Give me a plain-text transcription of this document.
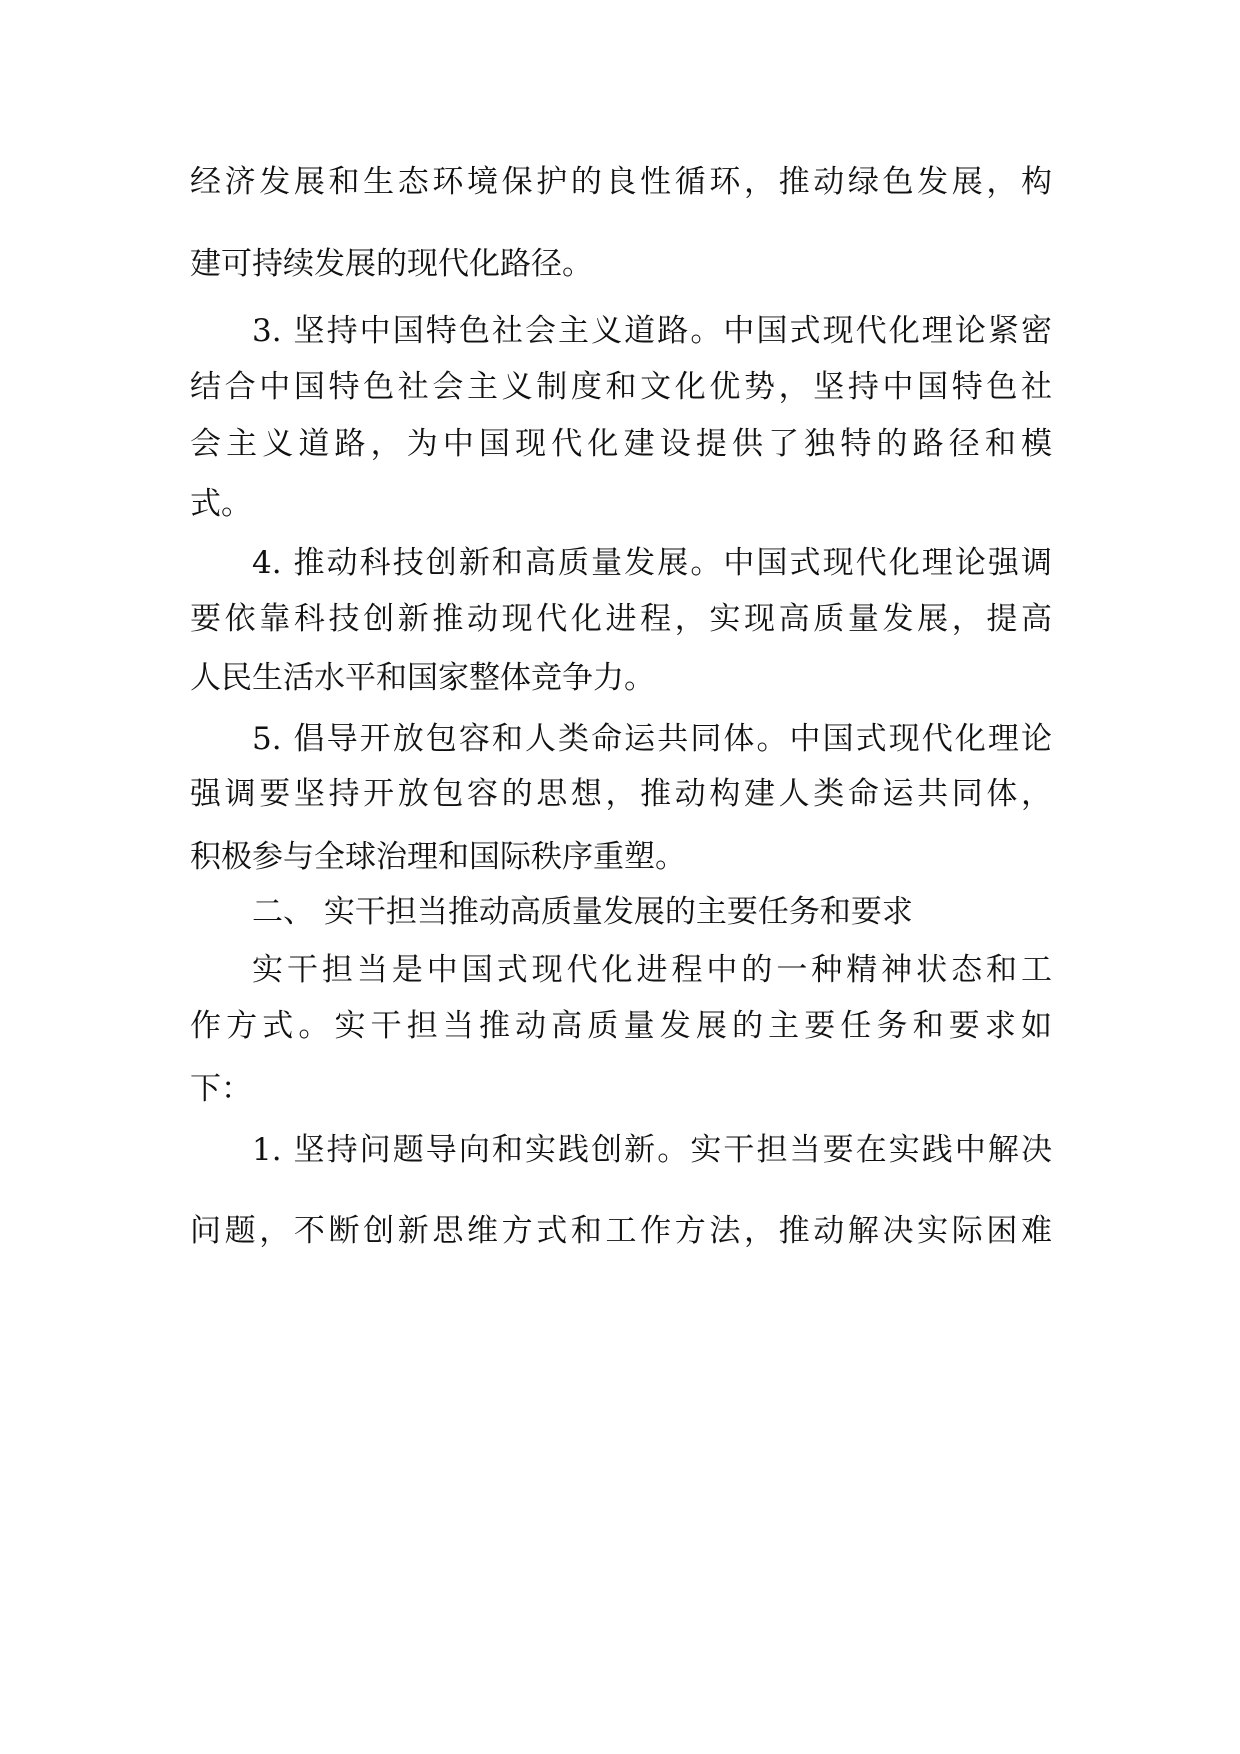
经济发展和生态环境保护的良性循环，推动绿色发展，构
建可持续发展的现代化路径。
3. 坚持中国特色社会主义道路。中国式现代化理论紧密
结合中国特色社会主义制度和文化优势，坚持中国特色社
会主义道路，为中国现代化建设提供了独特的路径和模
式。
4. 推动科技创新和高质量发展。中国式现代化理论强调
要依靠科技创新推动现代化进程，实现高质量发展，提高
人民生活水平和国家整体竞争力。
5. 倡导开放包容和人类命运共同体。中国式现代化理论
强调要坚持开放包容的思想，推动构建人类命运共同体，
积极参与全球治理和国际秩序重塑。
二、 实干担当推动高质量发展的主要任务和要求
实干担当是中国式现代化进程中的一种精神状态和工
作方式。实干担当推动高质量发展的主要任务和要求如
下：
1. 坚持问题导向和实践创新。实干担当要在实践中解决
问题，不断创新思维方式和工作方法，推动解决实际困难
